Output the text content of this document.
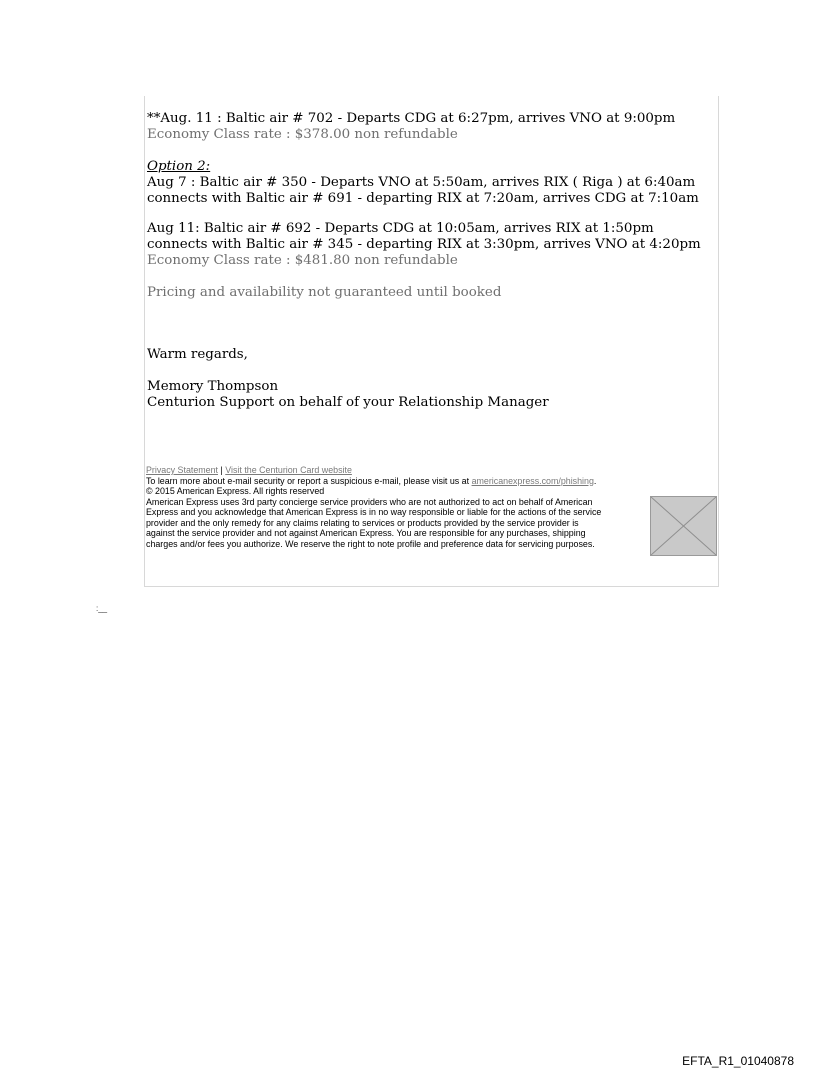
**Aug. 11 : Baltic air # 702 - Departs CDG at 6:27pm, arrives VNO at 9:00pm
Economy Class rate : $378.00 non refundable
Option 2:
Aug 7 : Baltic air # 350 - Departs VNO at 5:50am, arrives RIX ( Riga ) at 6:40am
connects with Baltic air # 691 - departing RIX at 7:20am, arrives CDG at 7:10am
Aug 11: Baltic air # 692 - Departs CDG at 10:05am, arrives RIX at 1:50pm
connects with Baltic air # 345 - departing RIX at 3:30pm, arrives VNO at 4:20pm
Economy Class rate : $481.80 non refundable
Pricing and availability not guaranteed until booked
Warm regards,
Memory Thompson
Centurion Support on behalf of your Relationship Manager
Privacy Statement | Visit the Centurion Card website
To learn more about e-mail security or report a suspicious e-mail, please visit us at americanexpress.com/phishing.
© 2015 American Express. All rights reserved
American Express uses 3rd party concierge service providers who are not authorized to act on behalf of American
Express and you acknowledge that American Express is in no way responsible or liable for the actions of the service
provider and the only remedy for any claims relating to services or products provided by the service provider is
against the service provider and not against American Express. You are responsible for any purchases, shipping
charges and/or fees you authorize. We reserve the right to note profile and preference data for servicing purposes.
:__
EFTA_R1_01040878
